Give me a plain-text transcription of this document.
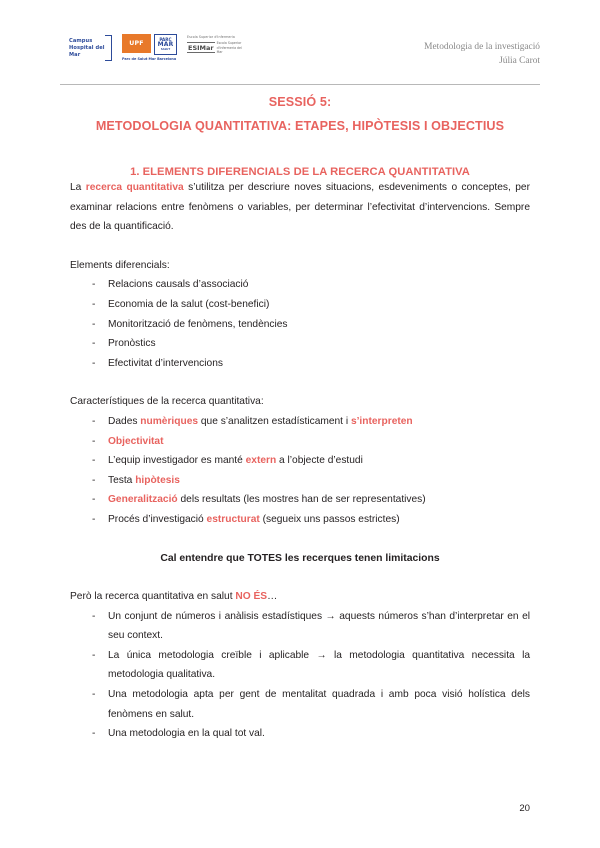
Campus Hospital del Mar
UPF
PARC
MAR
SALUT
Parc de Salut Mar Barcelona
Escola Superior d'Infermeria
ESIMar
Escola Superior d'Infermeria del Mar	Metodologia de la investigació
Júlia Carot
SESSIÓ 5:
METODOLOGIA QUANTITATIVA: ETAPES, HIPÒTESIS I OBJECTIUS
1. ELEMENTS DIFERENCIALS DE LA RECERCA QUANTITATIVA

La recerca quantitativa s’utilitza per descriure noves situacions, esdeveniments o conceptes, per examinar relacions entre fenòmens o variables, per determinar l’efectivitat d’intervencions. Sempre des de la quantificació.

Elements diferencials:

- Relacions causals d’associació
- Economia de la salut (cost-benefici)
- Monitorització de fenòmens, tendències
- Pronòstics
- Efectivitat d’intervencions

Característiques de la recerca quantitativa:

- Dades numèriques que s’analitzen estadísticament i s’interpreten
- Objectivitat
- L’equip investigador es manté extern a l’objecte d’estudi
- Testa hipòtesis
- Generalització dels resultats (les mostres han de ser representatives)
- Procés d’investigació estructurat (segueix uns passos estrictes)

Cal entendre que TOTES les recerques tenen limitacions

Però la recerca quantitativa en salut NO ÉS…

- Un conjunt de números i anàlisis estadístiques → aquests números s’han d’interpretar en el seu context.
- La única metodologia creïble i aplicable → la metodologia quantitativa necessita la metodologia qualitativa.
- Una metodologia apta per gent de mentalitat quadrada i amb poca visió holística dels fenòmens en salut.
- Una metodologia en la qual tot val.
20
